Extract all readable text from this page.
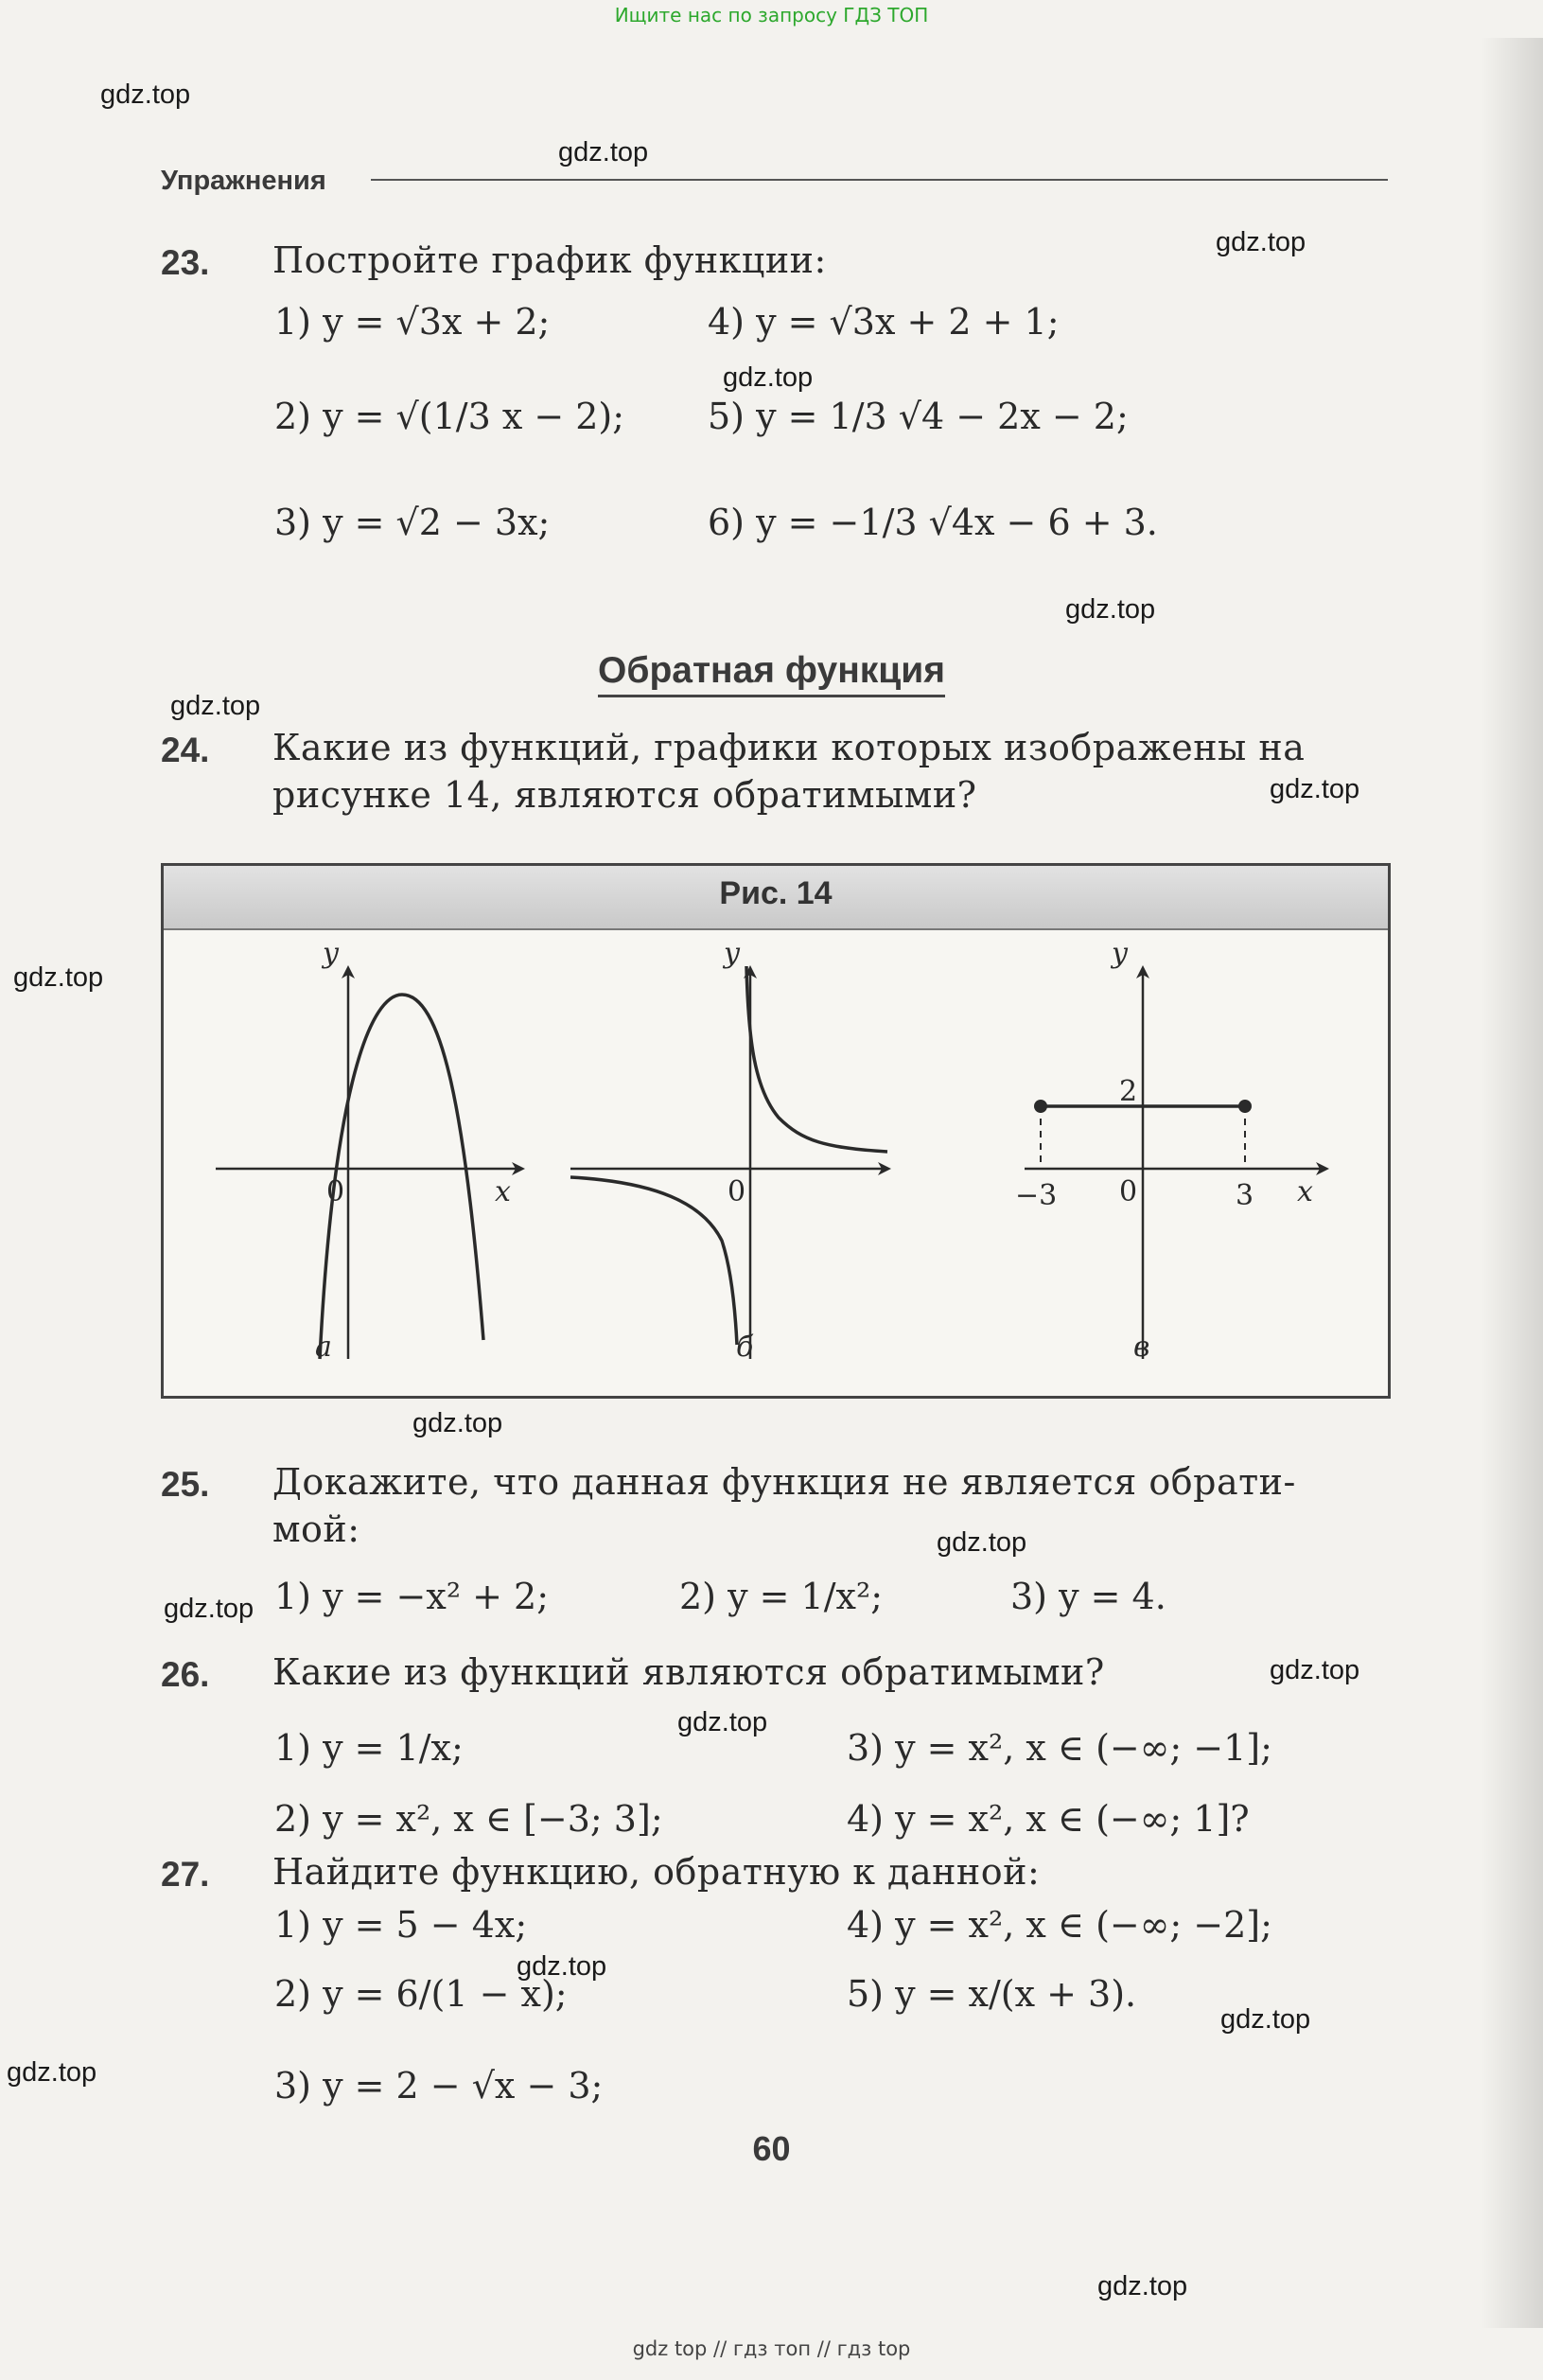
Ищите нас по запросу ГДЗ ТОП
gdz.top
gdz.top
gdz.top
gdz.top
gdz.top
gdz.top
gdz.top
gdz.top
gdz.top
gdz.top
gdz.top
gdz.top
gdz.top
gdz.top
gdz.top
gdz.top
gdz.top
Упражнения
23. Постройте график функции:
1) y = √3x + 2;
2) y = √(1/3 x − 2);
3) y = √2 − 3x;
4) y = √3x + 2 + 1;
5) y = 1/3 √4 − 2x − 2;
6) y = −1/3 √4x − 6 + 3.
Обратная функция
24. Какие из функций, графики которых изображены на
рисунке 14, являются обратимыми?
Рис. 14
y
x
0
а
y
0
б
y
x
0
2
−3	3
в
25. Докажите, что данная функция не является обрати-
мой:
1) y = −x² + 2;	2) y = 1/x²;	3) y = 4.
26. Какие из функций являются обратимыми?
1) y = 1/x;
2) y = x², x ∈ [−3; 3];
3) y = x², x ∈ (−∞; −1];
4) y = x², x ∈ (−∞; 1]?
27. Найдите функцию, обратную к данной:
1) y = 5 − 4x;
2) y = 6/(1 − x);
3) y = 2 − √x − 3;
4) y = x², x ∈ (−∞; −2];
5) y = x/(x + 3).
60
gdz top // гдз топ // гдз top
